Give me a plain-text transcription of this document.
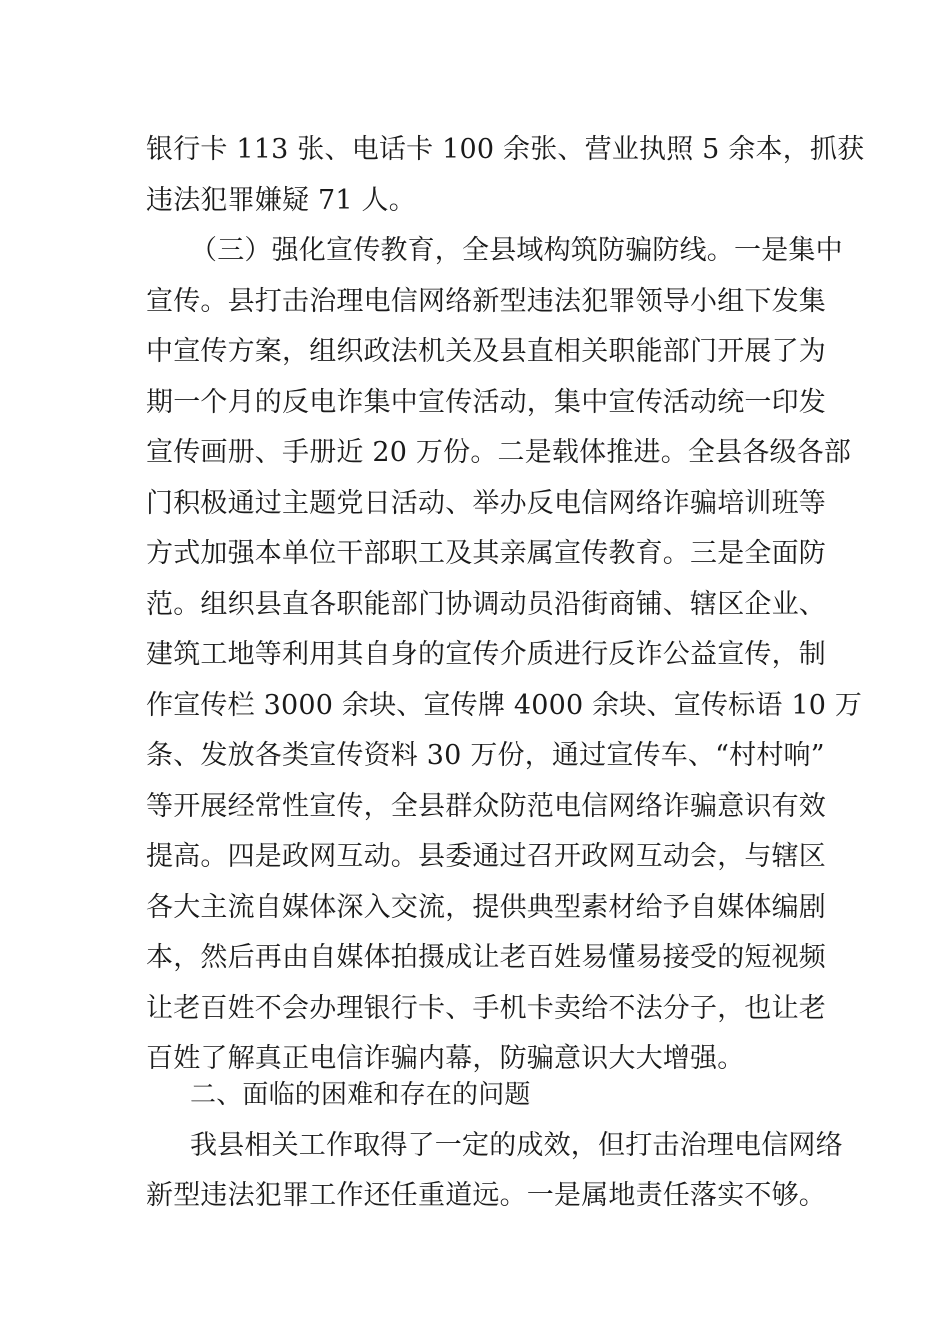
银行卡 113 张、电话卡 100 余张、营业执照 5 余本，抓获
违法犯罪嫌疑 71 人。
（三）强化宣传教育，全县域构筑防骗防线。一是集中
宣传。县打击治理电信网络新型违法犯罪领导小组下发集
中宣传方案，组织政法机关及县直相关职能部门开展了为
期一个月的反电诈集中宣传活动，集中宣传活动统一印发
宣传画册、手册近 20 万份。二是载体推进。全县各级各部
门积极通过主题党日活动、举办反电信网络诈骗培训班等
方式加强本单位干部职工及其亲属宣传教育。三是全面防
范。组织县直各职能部门协调动员沿街商铺、辖区企业、
建筑工地等利用其自身的宣传介质进行反诈公益宣传，制
作宣传栏 3000 余块、宣传牌 4000 余块、宣传标语 10 万
条、发放各类宣传资料 30 万份，通过宣传车、“村村响”
等开展经常性宣传，全县群众防范电信网络诈骗意识有效
提高。四是政网互动。县委通过召开政网互动会，与辖区
各大主流自媒体深入交流，提供典型素材给予自媒体编剧
本，然后再由自媒体拍摄成让老百姓易懂易接受的短视频
让老百姓不会办理银行卡、手机卡卖给不法分子，也让老
百姓了解真正电信诈骗内幕，防骗意识大大增强。
二、面临的困难和存在的问题
我县相关工作取得了一定的成效，但打击治理电信网络
新型违法犯罪工作还任重道远。一是属地责任落实不够。
